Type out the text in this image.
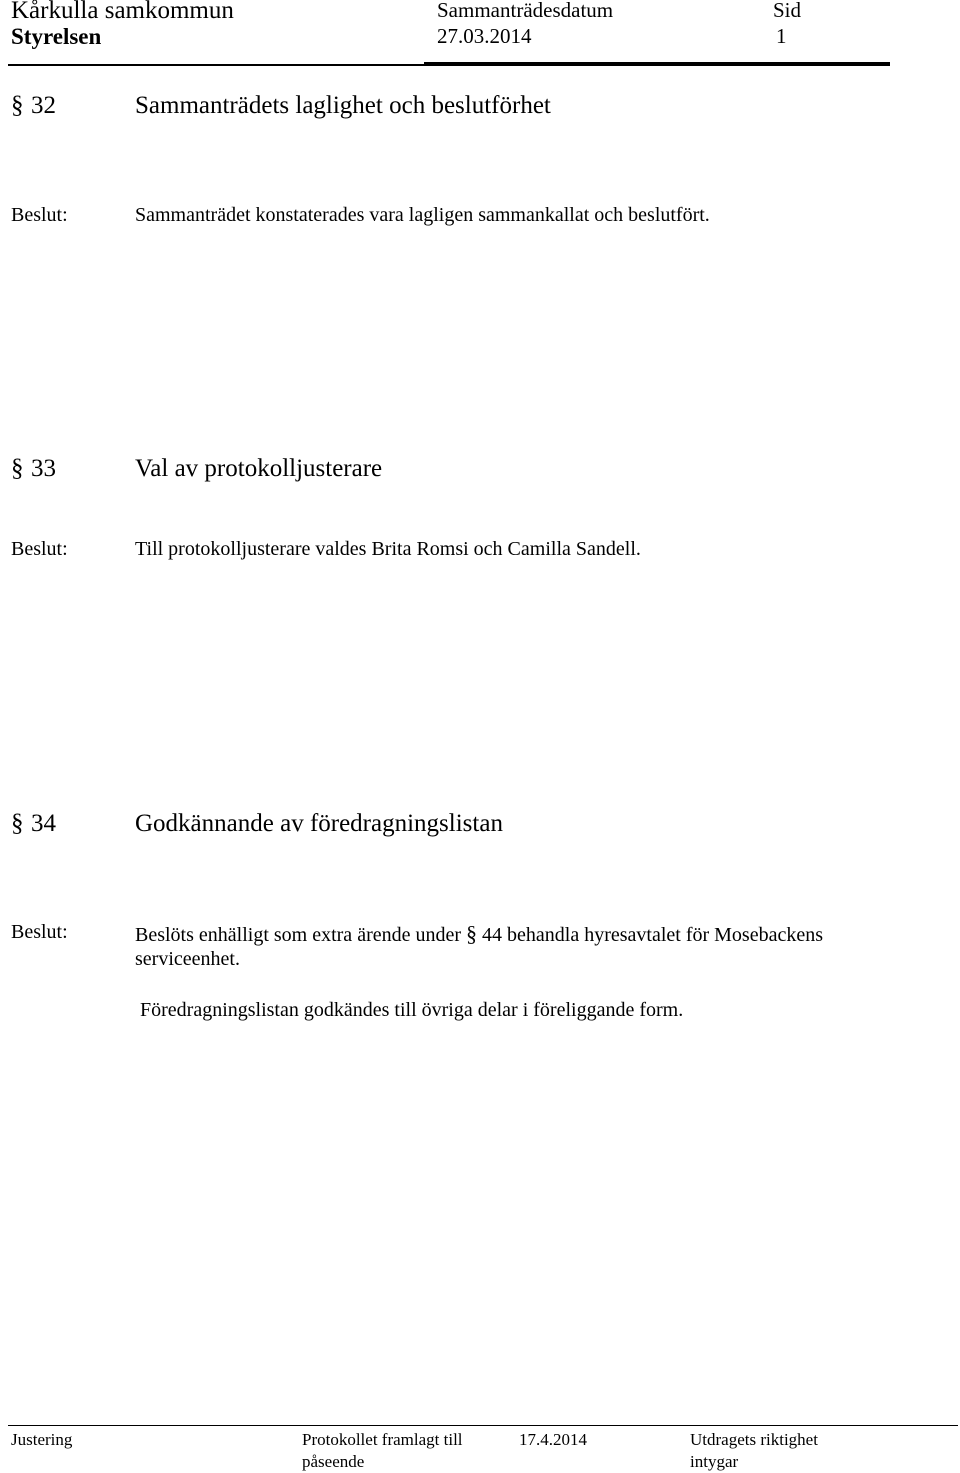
Kårkulla samkommun
Styrelsen
Sammanträdesdatum
27.03.2014
Sid
1
§ 32	Sammanträdets laglighet och beslutförhet
Beslut:	Sammanträdet konstaterades vara lagligen sammankallat och beslutfört.
§ 33	Val av protokolljusterare
Beslut:	Till protokolljusterare valdes Brita Romsi och Camilla Sandell.
§ 34	Godkännande av föredragningslistan
Beslut:	Beslöts enhälligt som extra ärende under § 44 behandla hyresavtalet för Mosebackens
serviceenhet.
Föredragningslistan godkändes till övriga delar i föreliggande form.
Justering	Protokollet framlagt till
påseende
17.4.2014	Utdragets riktighet
intygar
